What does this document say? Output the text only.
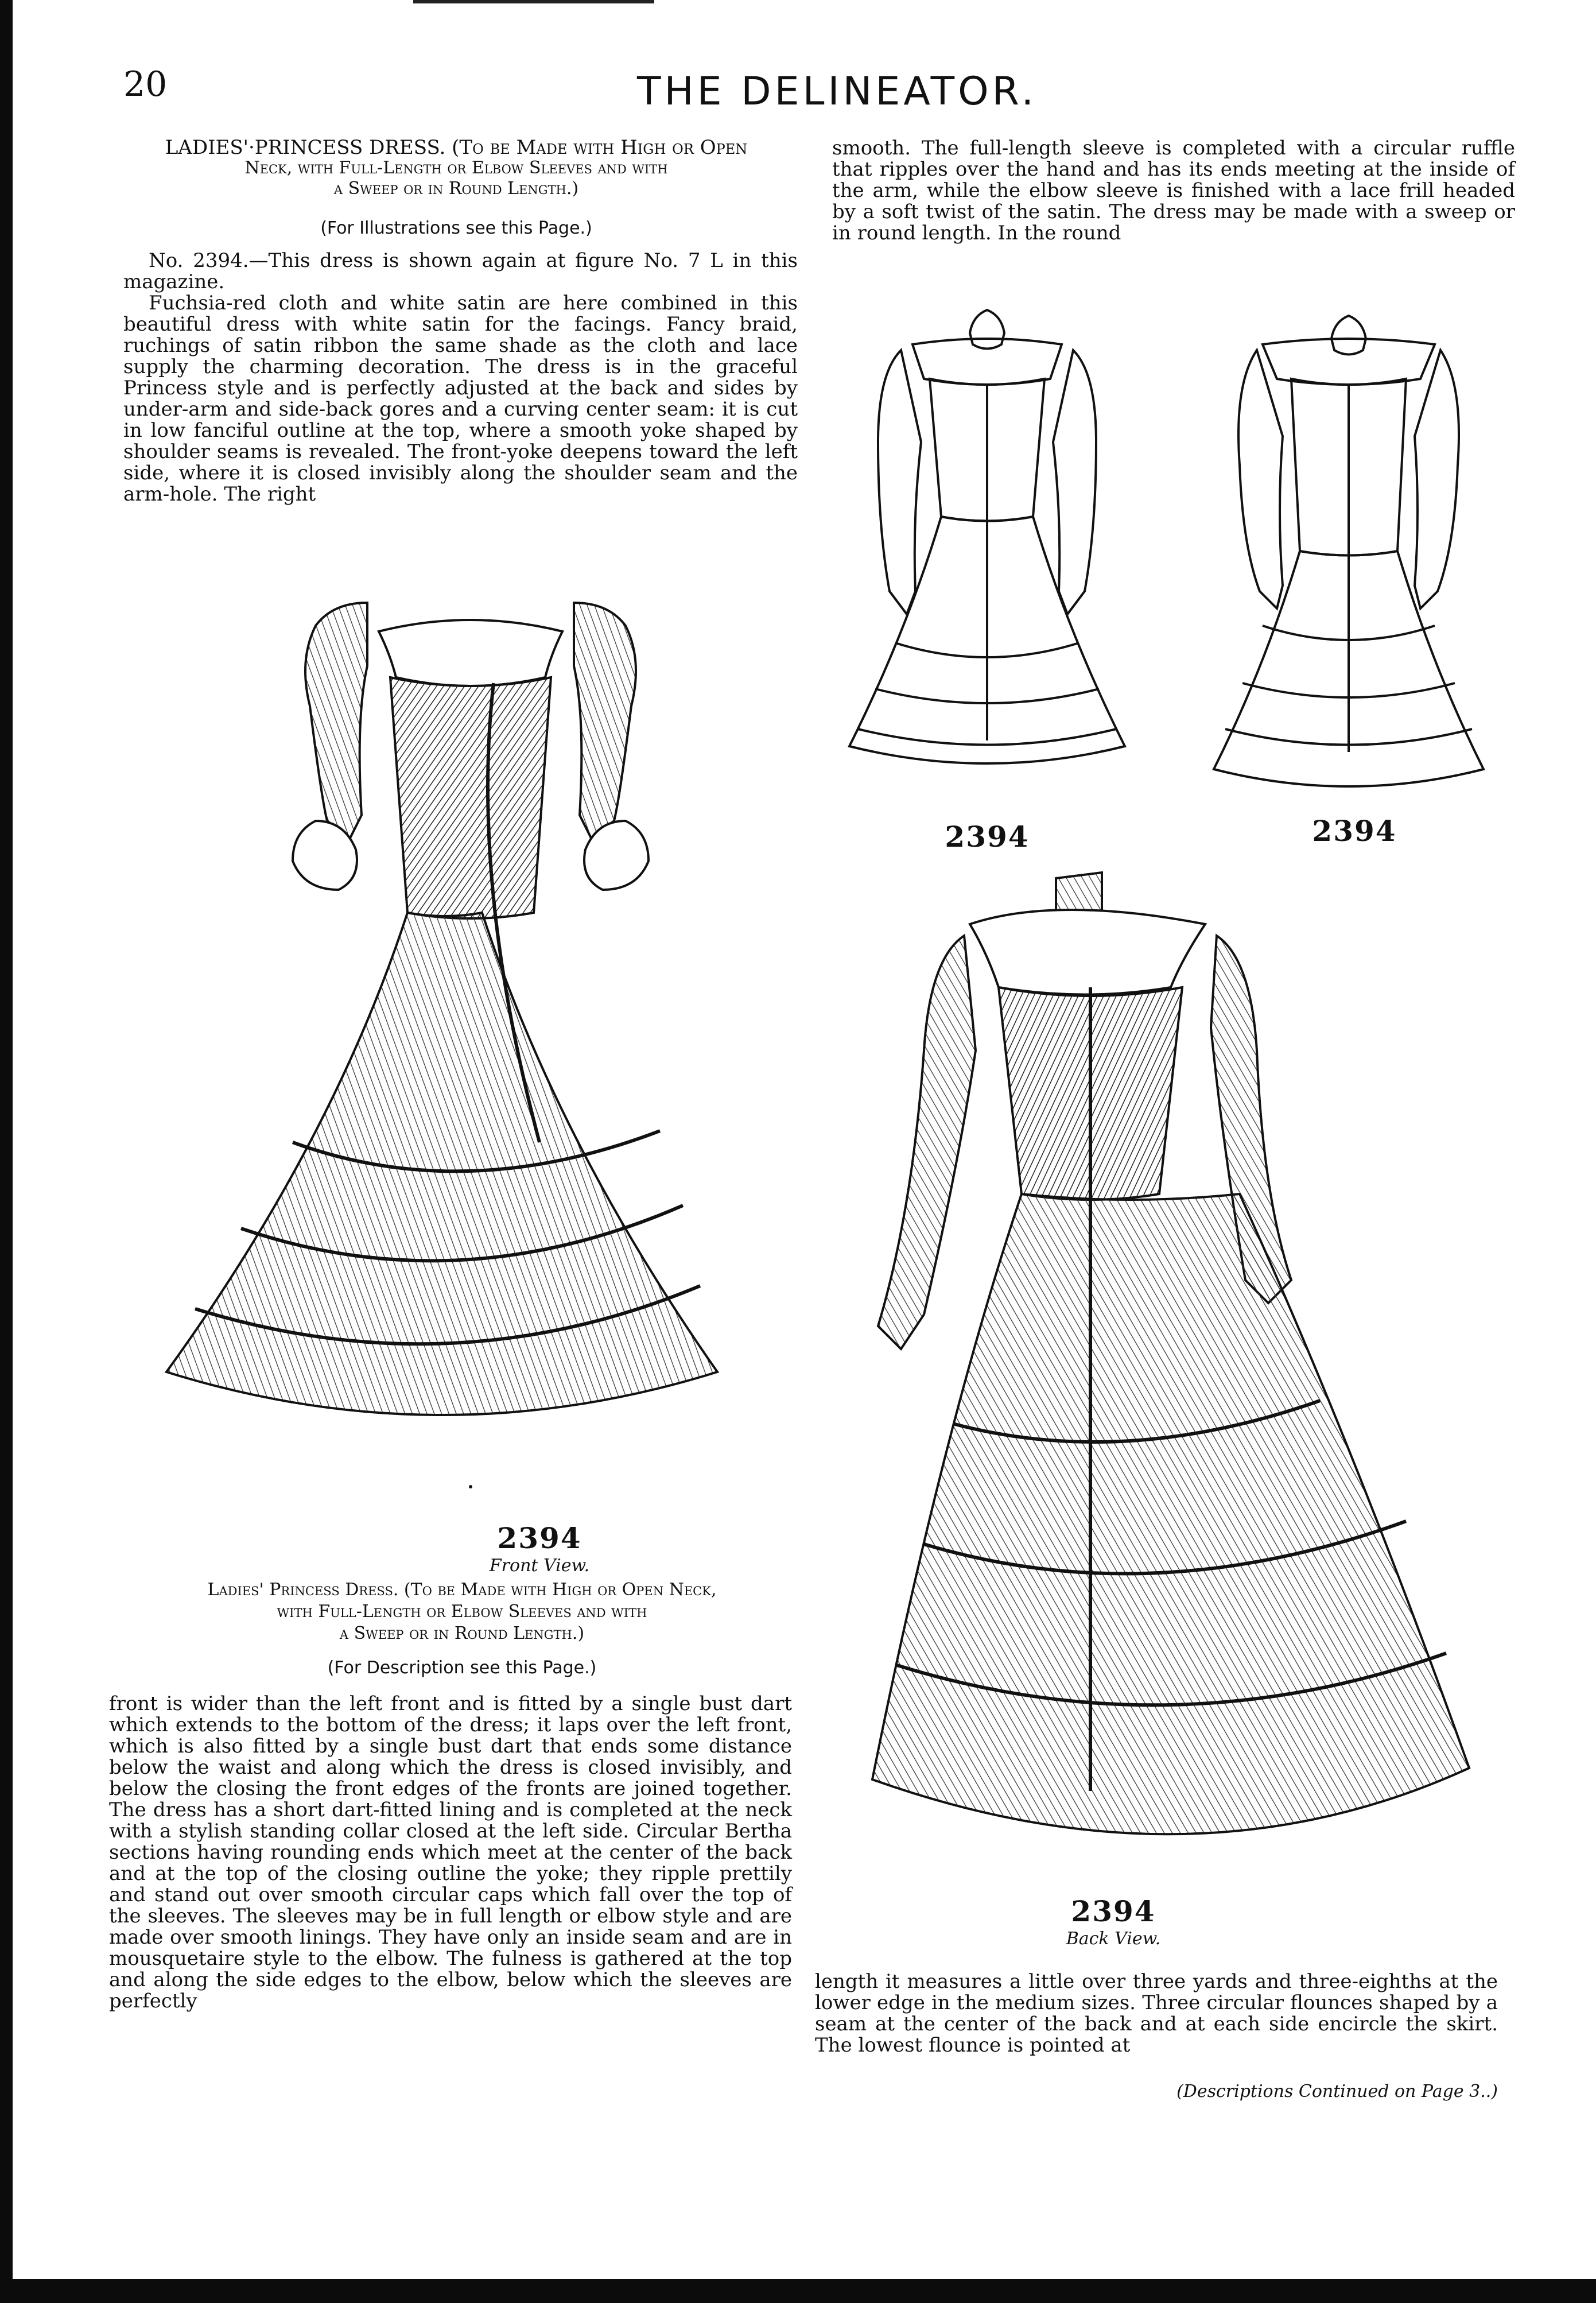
20	THE DELINEATOR.

LADIES'·PRINCESS DRESS. (To be Made with High or Open

Neck, with Full-Length or Elbow Sleeves and with

a Sweep or in Round Length.)

(For Illustrations see this Page.)

No. 2394.—This dress is shown again at figure No. 7 L in this magazine.

Fuchsia-red cloth and white satin are here combined in this beautiful dress with white satin for the facings. Fancy braid, ruchings of satin ribbon the same shade as the cloth and lace supply the charming decoration. The dress is in the graceful Princess style and is perfectly adjusted at the back and sides by under-arm and side-back gores and a curving center seam: it is cut in low fanciful outline at the top, where a smooth yoke shaped by shoulder seams is revealed. The front-yoke deepens toward the left side, where it is closed invisibly along the shoulder seam and the arm-hole. The right

smooth. The full-length sleeve is completed with a circular ruffle that ripples over the hand and has its ends meeting at the inside of the arm, while the elbow sleeve is finished with a lace frill headed by a soft twist of the satin. The dress may be made with a sweep or in round length. In the round

2394	2394
2394
Front View.

Ladies' Princess Dress. (To be Made with High or Open Neck,

with Full-Length or Elbow Sleeves and with

a Sweep or in Round Length.)

(For Description see this Page.)

2394
Back View.

front is wider than the left front and is fitted by a single bust dart which extends to the bottom of the dress; it laps over the left front, which is also fitted by a single bust dart that ends some distance below the waist and along which the dress is closed invisibly, and below the closing the front edges of the fronts are joined together. The dress has a short dart-fitted lining and is completed at the neck with a stylish standing collar closed at the left side. Circular Bertha sections having rounding ends which meet at the center of the back and at the top of the closing outline the yoke; they ripple prettily and stand out over smooth circular caps which fall over the top of the sleeves. The sleeves may be in full length or elbow style and are made over smooth linings. They have only an inside seam and are in mousquetaire style to the elbow. The fulness is gathered at the top and along the side edges to the elbow, below which the sleeves are perfectly

length it measures a little over three yards and three-eighths at the lower edge in the medium sizes. Three circular flounces shaped by a seam at the center of the back and at each side encircle the skirt. The lowest flounce is pointed at

(Descriptions Continued on Page 3..)
